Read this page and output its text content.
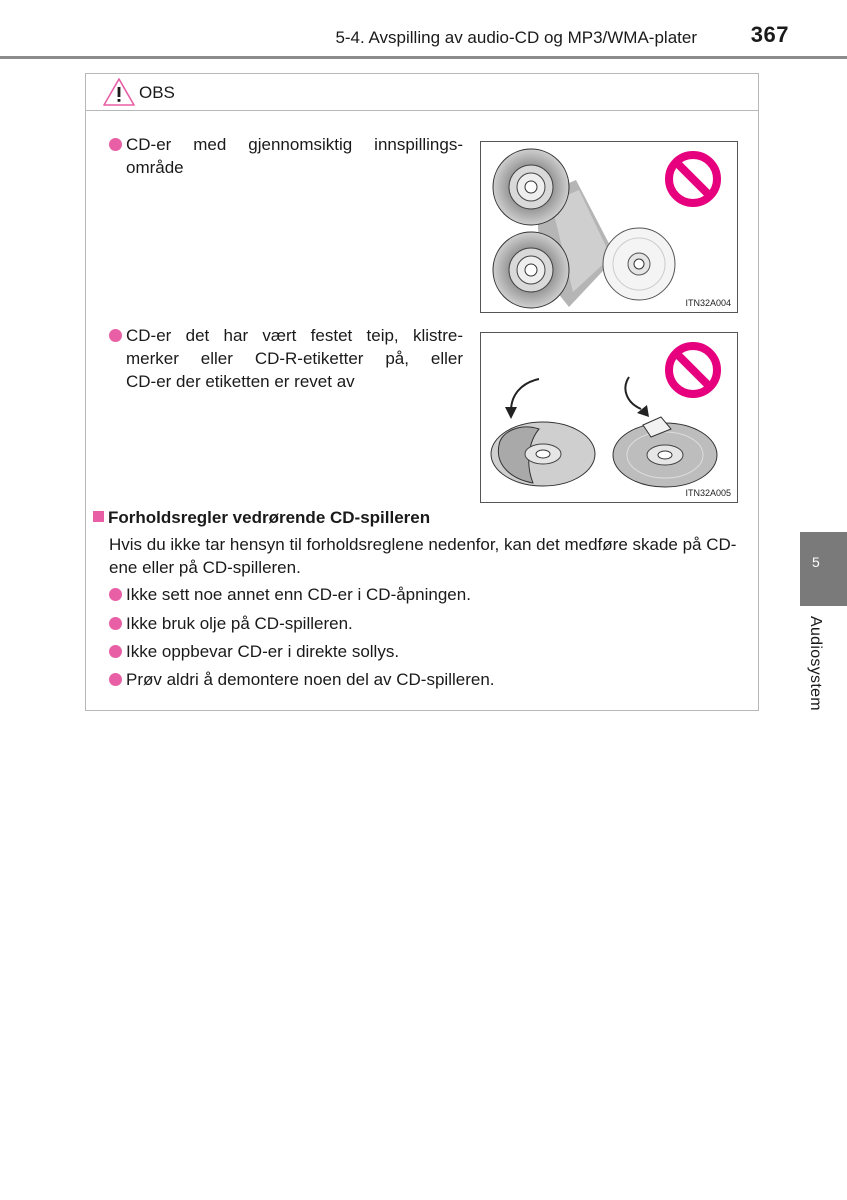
5-4. Avspilling av audio-CD og MP3/WMA-plater 367
5
Audiosystem
OBS
CD-er med gjennomsiktig innspillings-
område
ITN32A004
CD-er det har vært festet teip, klistre-
merker eller CD-R-etiketter på, eller
CD-er der etiketten er revet av
ITN32A005
Forholdsregler vedrørende CD-spilleren
Hvis du ikke tar hensyn til forholdsreglene nedenfor, kan det medføre skade på CD-ene eller på CD-spilleren.
Ikke sett noe annet enn CD-er i CD-åpningen.
Ikke bruk olje på CD-spilleren.
Ikke oppbevar CD-er i direkte sollys.
Prøv aldri å demontere noen del av CD-spilleren.
